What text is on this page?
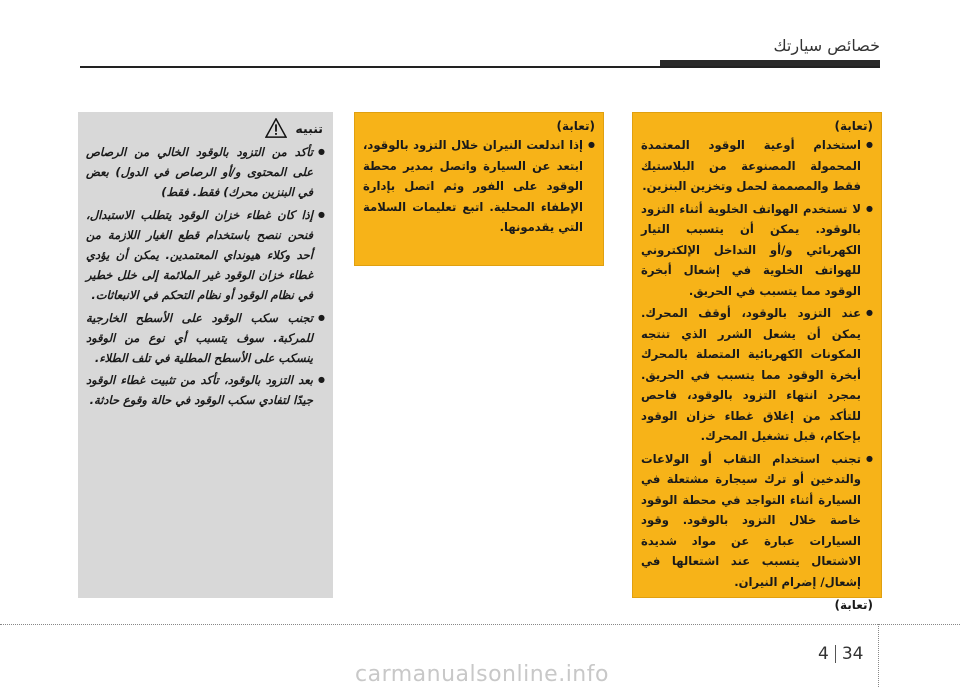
خصائص سيارتك
(تعابة)
● استخدام أوعية الوقود المعتمدة المحمولة المصنوعة من البلاستيك فقط والمصممة لحمل وتخزين البنزين.
● لا تستخدم الهواتف الخلوية أثناء التزود بالوقود. يمكن أن يتسبب التيار الكهربائي و/أو التداخل الإلكتروني للهواتف الخلوية في إشعال أبخرة الوقود مما يتسبب في الحريق.
● عند التزود بالوقود، أوقف المحرك. يمكن أن يشعل الشرر الذي تنتجه المكونات الكهربائية المتصلة بالمحرك أبخرة الوقود مما يتسبب في الحريق. بمجرد انتهاء التزود بالوقود، فاحص للتأكد من إغلاق غطاء خزان الوقود بإحكام، قبل تشغيل المحرك.
● تجنب استخدام الثقاب أو الولاعات والتدخين أو ترك سيجارة مشتعلة في السيارة أثناء التواجد في محطة الوقود خاصة خلال التزود بالوقود. وقود السيارات عبارة عن مواد شديدة الاشتعال يتسبب عند اشتعالها في إشعال/ إضرام النيران.
(تعابة)
(تعابة)
● إذا اندلعت النيران خلال التزود بالوقود، ابتعد عن السيارة واتصل بمدير محطة الوقود على الفور وثم اتصل بإدارة الإطفاء المحلية. اتبع تعليمات السلامة التي يقدمونها.
تنبيه
● تأكد من التزود بالوقود الخالي من الرصاص على المحتوى و/أو الرصاص في الدول) بعض في البنزين محرك) فقط. فقط)
● إذا كان غطاء خزان الوقود يتطلب الاستبدال، فنحن ننصح باستخدام قطع الغيار اللازمة من أحد وكلاء هيونداي المعتمدين. يمكن أن يؤدي غطاء خزان الوقود غير الملائمة إلى خلل خطير في نظام الوقود أو نظام التحكم في الانبعاثات.
● تجنب سكب الوقود على الأسطح الخارجية للمركبة. سوف يتسبب أي نوع من الوقود ينسكب على الأسطح المطلية في تلف الطلاء.
● بعد التزود بالوقود، تأكد من تثبيت غطاء الوقود جيدًا لتفادي سكب الوقود في حالة وقوع حادثة.
4 34
carmanualsonline.info
